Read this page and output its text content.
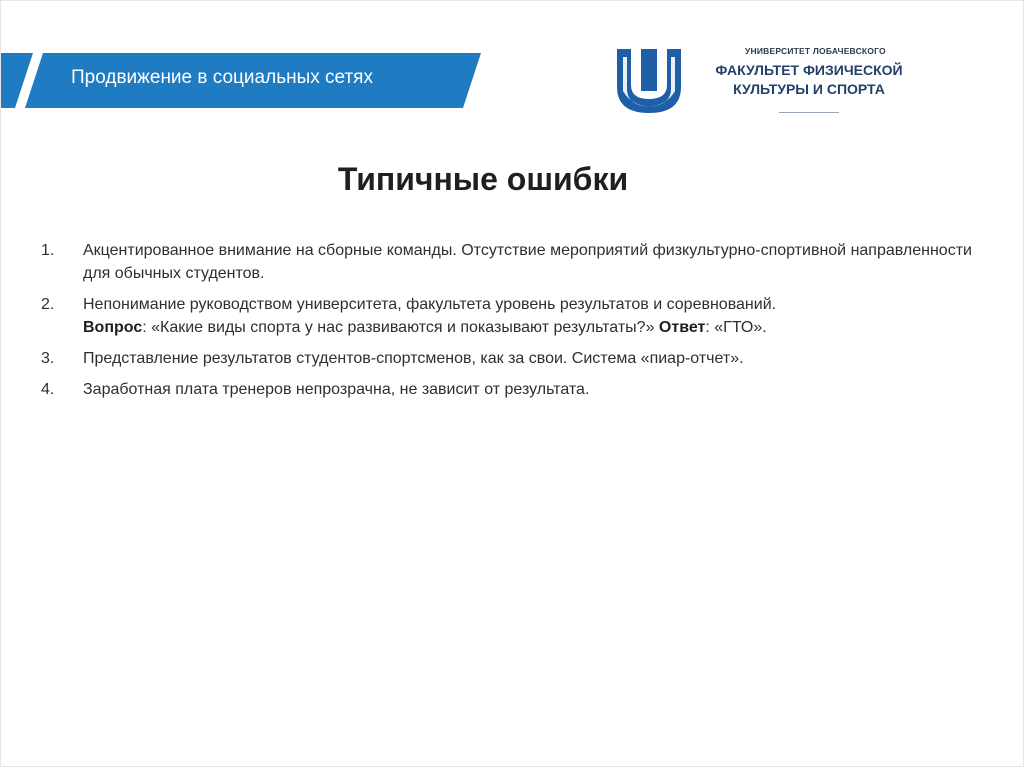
Продвижение в социальных сетях
УНИВЕРСИТЕТ ЛОБАЧЕВСКОГО
ФАКУЛЬТЕТ ФИЗИЧЕСКОЙ КУЛЬТУРЫ И СПОРТА
Типичные ошибки
1. Акцентированное внимание на сборные команды. Отсутствие мероприятий физкультурно-спортивной направленности для обычных студентов.
2. Непонимание руководством университета, факультета уровень результатов и соревнований.
Вопрос: «Какие виды спорта у нас развиваются и показывают результаты?» Ответ: «ГТО».
3. Представление результатов студентов-спортсменов, как за свои. Система «пиар-отчет».
4. Заработная плата тренеров непрозрачна, не зависит от результата.
